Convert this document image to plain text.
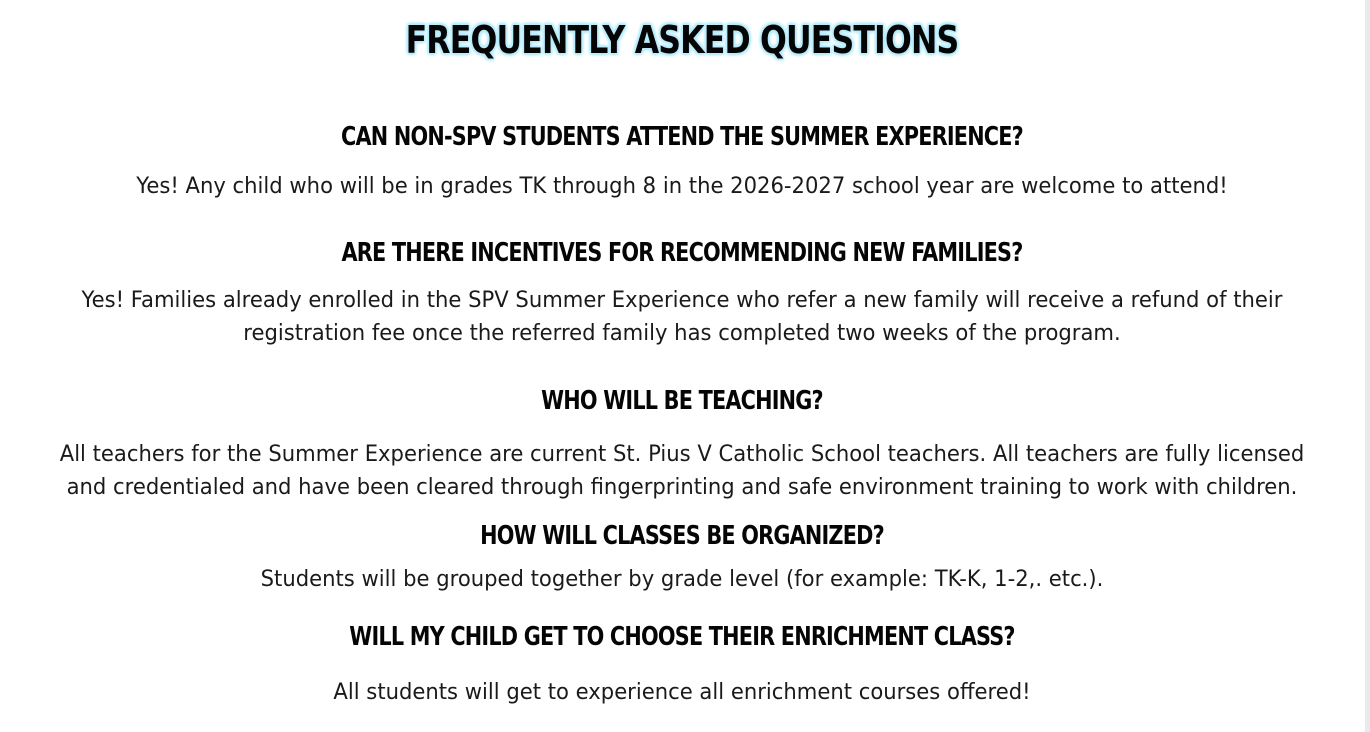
FREQUENTLY ASKED QUESTIONS
CAN NON-SPV STUDENTS ATTEND THE SUMMER EXPERIENCE?

Yes! Any child who will be in grades TK through 8 in the 2026-2027 school year are welcome to attend!

ARE THERE INCENTIVES FOR RECOMMENDING NEW FAMILIES?

Yes! Families already enrolled in the SPV Summer Experience who refer a new family will receive a refund of their

registration fee once the referred family has completed two weeks of the program.

WHO WILL BE TEACHING?

All teachers for the Summer Experience are current St. Pius V Catholic School teachers. All teachers are fully licensed

and credentialed and have been cleared through fingerprinting and safe environment training to work with children.

HOW WILL CLASSES BE ORGANIZED?

Students will be grouped together by grade level (for example: TK-K, 1-2,. etc.).

WILL MY CHILD GET TO CHOOSE THEIR ENRICHMENT CLASS?

All students will get to experience all enrichment courses offered!
